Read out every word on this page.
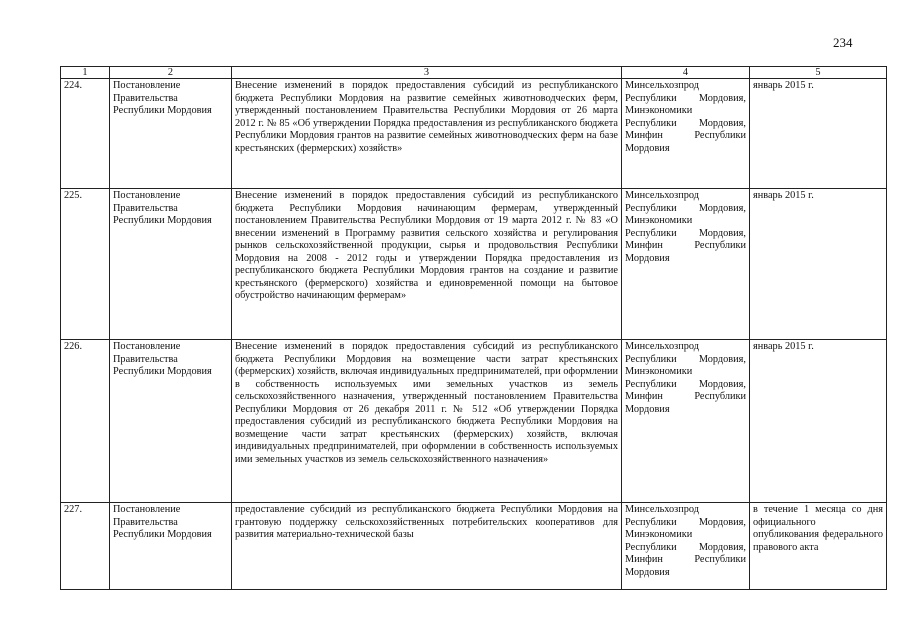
234
1	2	3	4	5
224.	Постановление Правительства Республики Мордовия	Внесение изменений в порядок предоставления субсидий из республиканского бюджета Республики Мордовия на развитие семейных животноводческих ферм, утвержденный постановлением Правительства Республики Мордовия от 26 марта 2012 г. № 85 «Об утверждении Порядка предоставления из республиканского бюджета Республики Мордовия грантов на развитие семейных животноводческих ферм на базе крестьянских (фермерских) хозяйств»	Минсельхозпрод Республики Мордовия, Минэкономики Республики Мордовия, Минфин Республики Мордовия	январь 2015 г.
225.	Постановление Правительства Республики Мордовия	Внесение изменений в порядок предоставления субсидий из республиканского бюджета Республики Мордовия начинающим фермерам, утвержденный постановлением Правительства Республики Мордовия от 19 марта 2012 г. № 83 «О внесении изменений в Программу развития сельского хозяйства и регулирования рынков сельскохозяйственной продукции, сырья и продовольствия Республики Мордовия на 2008 - 2012 годы и утверждении Порядка предоставления из республиканского бюджета Республики Мордовия грантов на создание и развитие крестьянского (фермерского) хозяйства и единовременной помощи на бытовое обустройство начинающим фермерам»	Минсельхозпрод Республики Мордовия, Минэкономики Республики Мордовия, Минфин Республики Мордовия	январь 2015 г.
226.	Постановление Правительства Республики Мордовия	Внесение изменений в порядок предоставления субсидий из республиканского бюджета Республики Мордовия на возмещение части затрат крестьянских (фермерских) хозяйств, включая индивидуальных предпринимателей, при оформлении в собственность используемых ими земельных участков из земель сельскохозяйственного назначения, утвержденный постановлением Правительства Республики Мордовия от 26 декабря 2011 г. № 512 «Об утверждении Порядка предоставления субсидий из республиканского бюджета Республики Мордовия на возмещение части затрат крестьянских (фермерских) хозяйств, включая индивидуальных предпринимателей, при оформлении в собственность используемых ими земельных участков из земель сельскохозяйственного назначения»	Минсельхозпрод Республики Мордовия, Минэкономики Республики Мордовия, Минфин Республики Мордовия	январь 2015 г.
227.	Постановление Правительства Республики Мордовия	предоставление субсидий из республиканского бюджета Республики Мордовия на грантовую поддержку сельскохозяйственных потребительских кооперативов для развития материально-технической базы	Минсельхозпрод Республики Мордовия, Минэкономики Республики Мордовия, Минфин Республики Мордовия	в течение 1 месяца со дня официального опубликования федерального правового акта
